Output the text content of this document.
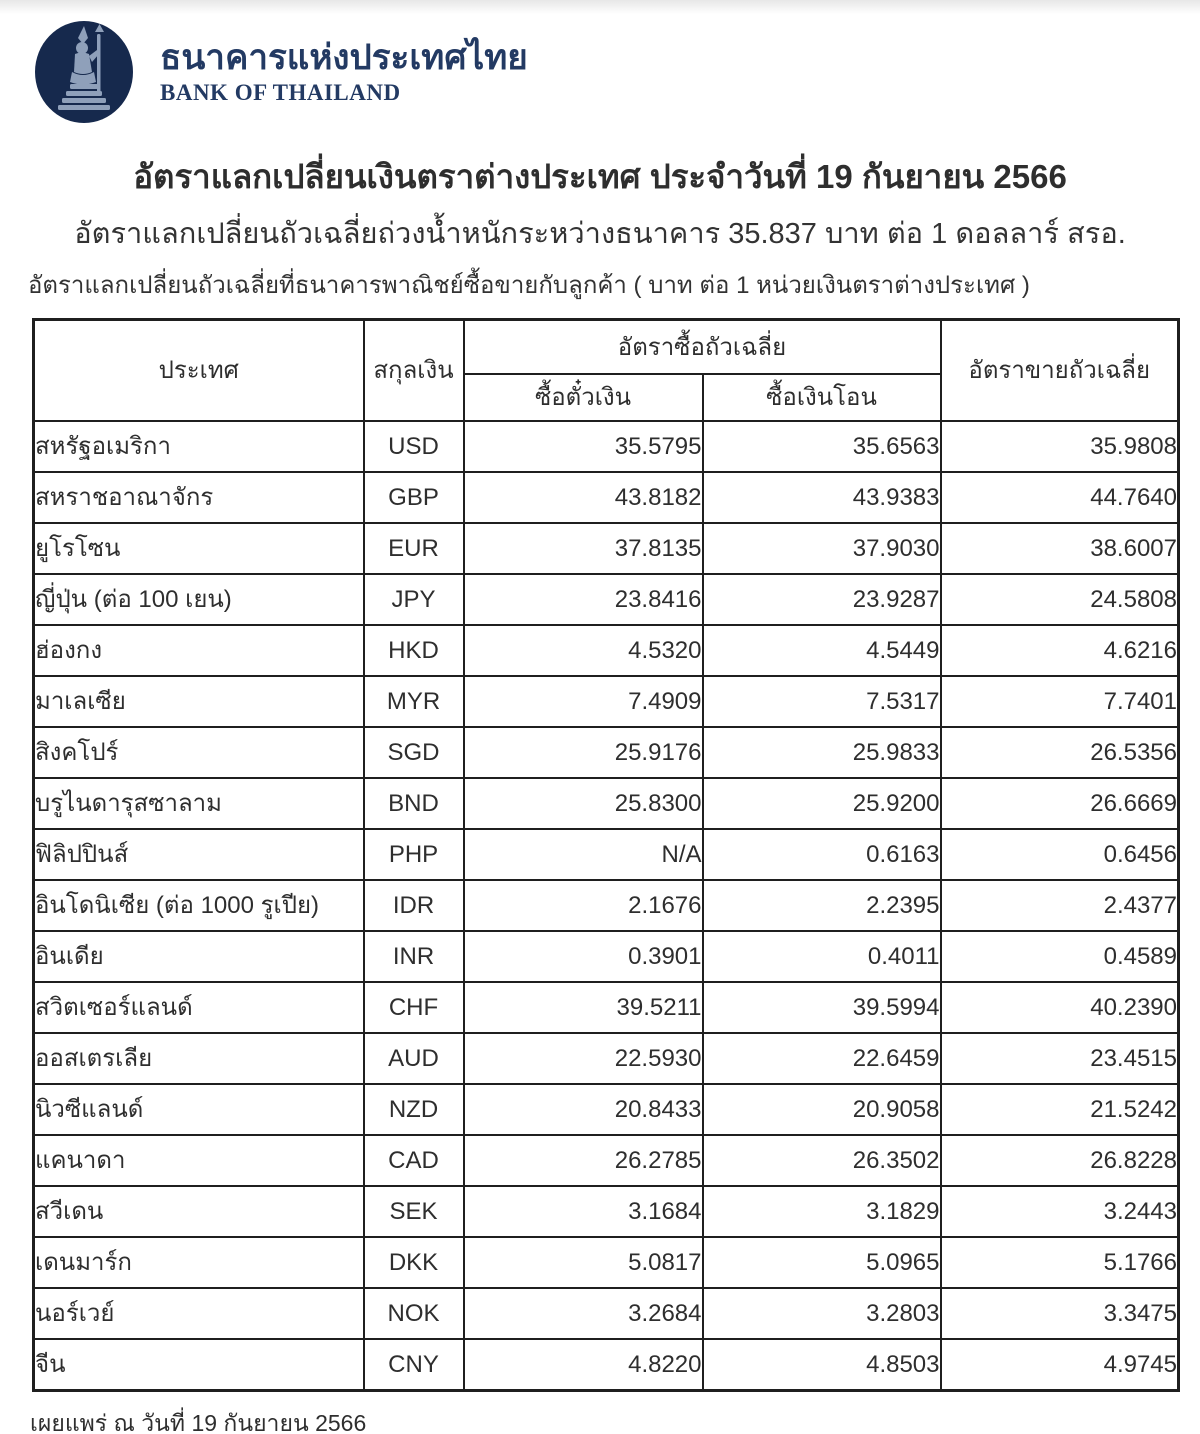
ธนาคารแห่งประเทศไทย
BANK OF THAILAND
อัตราแลกเปลี่ยนเงินตราต่างประเทศ ประจำวันที่ 19 กันยายน 2566
อัตราแลกเปลี่ยนถัวเฉลี่ยถ่วงน้ำหนักระหว่างธนาคาร 35.837 บาท ต่อ 1 ดอลลาร์ สรอ.
อัตราแลกเปลี่ยนถัวเฉลี่ยที่ธนาคารพาณิชย์ซื้อขายกับลูกค้า ( บาท ต่อ 1 หน่วยเงินตราต่างประเทศ )
ประเทศ	สกุลเงิน	อัตราซื้อถัวเฉลี่ย		อัตราขายถัวเฉลี่ย
		ซื้อตั๋วเงิน	ซื้อเงินโอน	
สหรัฐอเมริกา	USD	35.5795	35.6563	35.9808
สหราชอาณาจักร	GBP	43.8182	43.9383	44.7640
ยูโรโซน	EUR	37.8135	37.9030	38.6007
ญี่ปุ่น (ต่อ 100 เยน)	JPY	23.8416	23.9287	24.5808
ฮ่องกง	HKD	4.5320	4.5449	4.6216
มาเลเซีย	MYR	7.4909	7.5317	7.7401
สิงคโปร์	SGD	25.9176	25.9833	26.5356
บรูไนดารุสซาลาม	BND	25.8300	25.9200	26.6669
ฟิลิปปินส์	PHP	N/A	0.6163	0.6456
อินโดนิเซีย (ต่อ 1000 รูเปีย)	IDR	2.1676	2.2395	2.4377
อินเดีย	INR	0.3901	0.4011	0.4589
สวิตเซอร์แลนด์	CHF	39.5211	39.5994	40.2390
ออสเตรเลีย	AUD	22.5930	22.6459	23.4515
นิวซีแลนด์	NZD	20.8433	20.9058	21.5242
แคนาดา	CAD	26.2785	26.3502	26.8228
สวีเดน	SEK	3.1684	3.1829	3.2443
เดนมาร์ก	DKK	5.0817	5.0965	5.1766
นอร์เวย์	NOK	3.2684	3.2803	3.3475
จีน	CNY	4.8220	4.8503	4.9745
เผยแพร่ ณ วันที่ 19 กันยายน 2566
